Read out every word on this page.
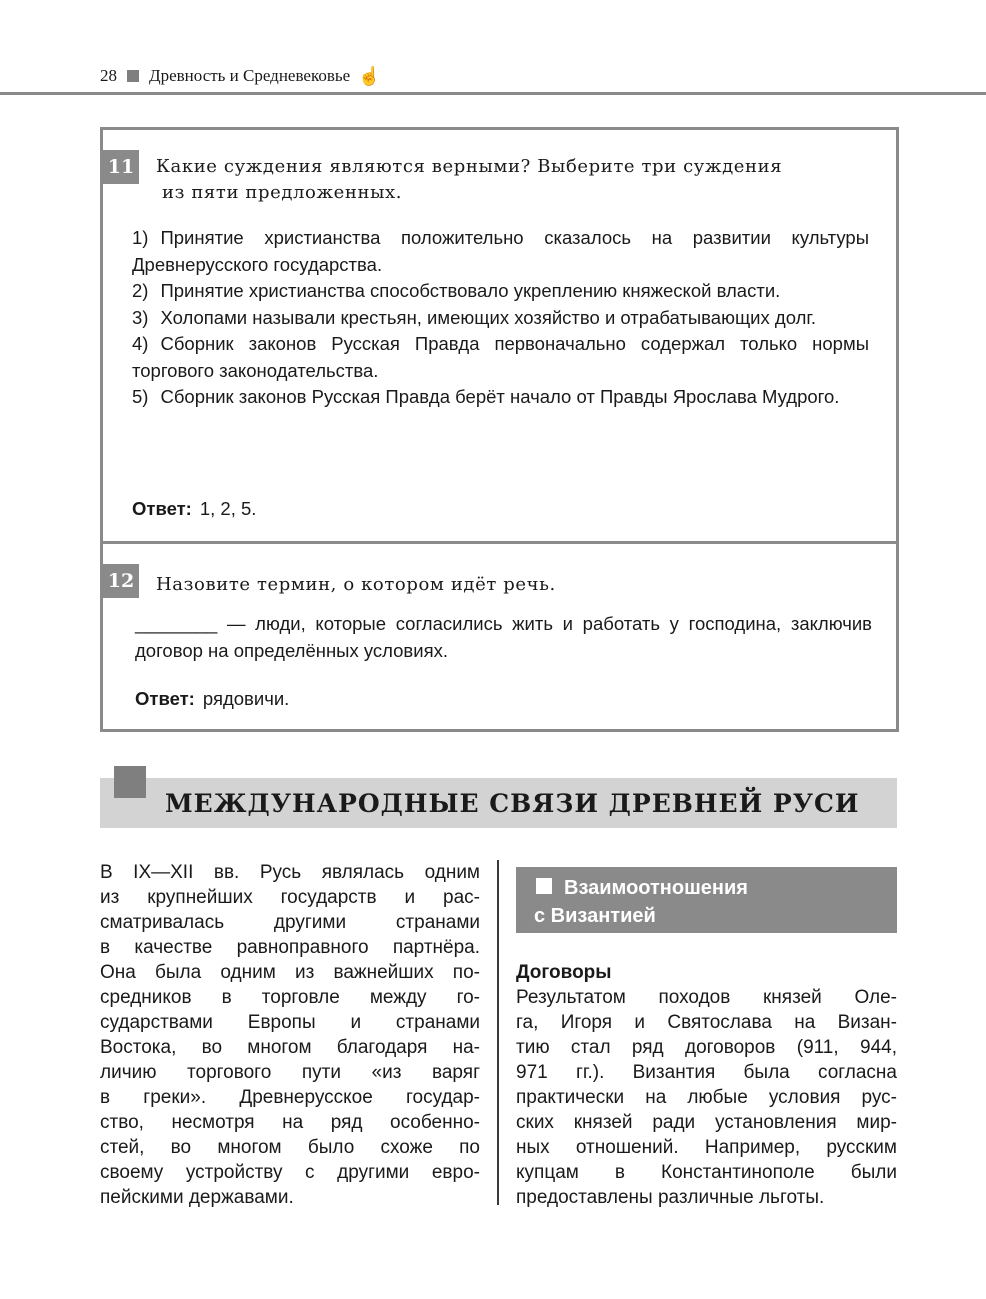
28 Древность и Средневековье ☝
11 Какие суждения являются верными? Выберите три суждения
из пяти предложенных.
1) Принятие христианства положительно сказалось на развитии культуры Древнерусского государства.
2) Принятие христианства способствовало укреплению княжеской власти.
3) Холопами называли крестьян, имеющих хозяйство и отрабатывающих долг.
4) Сборник законов Русская Правда первоначально содержал только нормы торгового законодательства.
5) Сборник законов Русская Правда берёт начало от Правды Ярослава Мудрого.
Ответ: 1, 2, 5.
12 Назовите термин, о котором идёт речь.
________ — люди, которые согласились жить и работать у господина, заключив договор на определённых условиях.
Ответ: рядовичи.
МЕЖДУНАРОДНЫЕ СВЯЗИ ДРЕВНЕЙ РУСИ
В IX—XII вв. Русь являлась одним
из крупнейших государств и рас-
сматривалась другими странами
в качестве равноправного партнёра.
Она была одним из важнейших по-
средников в торговле между го-
сударствами Европы и странами
Востока, во многом благодаря на-
личию торгового пути «из варяг
в греки». Древнерусское государ-
ство, несмотря на ряд особенно-
стей, во многом было схоже по
своему устройству с другими евро-
пейскими державами.
Взаимоотношения
с Византией
Договоры
Результатом походов князей Оле-
га, Игоря и Святослава на Визан-
тию стал ряд договоров (911, 944,
971 гг.). Византия была согласна
практически на любые условия рус-
ских князей ради установления мир-
ных отношений. Например, русским
купцам в Константинополе были
предоставлены различные льготы.
